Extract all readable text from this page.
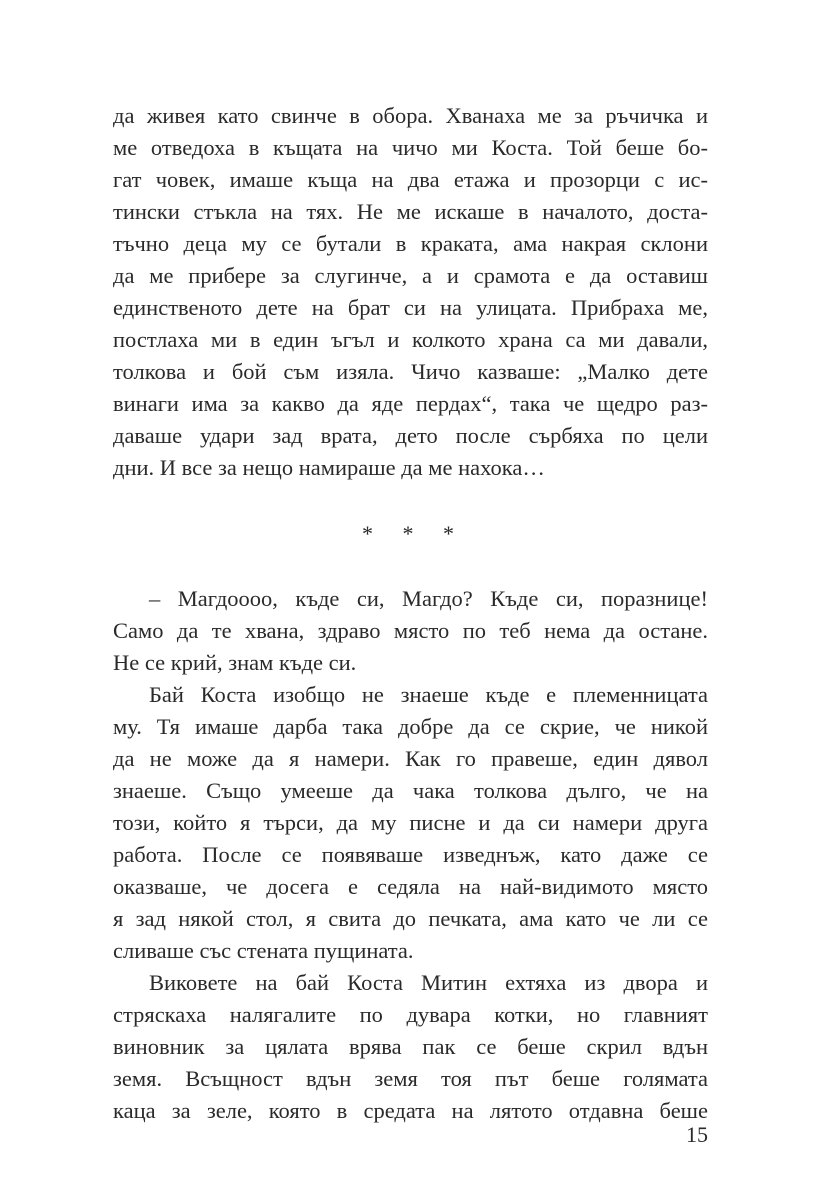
да живея като свинче в обора. Хванаха ме за ръчичка и
ме отведоха в къщата на чичо ми Коста. Той беше бо-
гат човек, имаше къща на два етажа и прозорци с ис-
тински стъкла на тях. Не ме искаше в началото, доста-
тъчно деца му се бутали в краката, ама накрая склони
да ме прибере за слугинче, а и срамота е да оставиш
единственото дете на брат си на улицата. Прибраха ме,
постлаха ми в един ъгъл и колкото храна са ми давали,
толкова и бой съм изяла. Чичо казваше: „Малко дете
винаги има за какво да яде пердах“, така че щедро раз-
даваше удари зад врата, дето после сърбяха по цели
дни. И все за нещо намираше да ме нахока…
* * *
– Магдоооо, къде си, Магдо? Къде си, поразнице!
Само да те хвана, здраво място по теб нема да остане.
Не се крий, знам къде си.
Бай Коста изобщо не знаеше къде е племенницата
му. Тя имаше дарба така добре да се скрие, че никой
да не може да я намери. Как го правеше, един дявол
знаеше. Също умееше да чака толкова дълго, че на
този, който я търси, да му писне и да си намери друга
работа. После се появяваше изведнъж, като даже се
оказваше, че досега е седяла на най-видимото място
я зад някой стол, я свита до печката, ама като че ли се
сливаше със стената пущината.
Виковете на бай Коста Митин ехтяха из двора и
стряскаха налягалите по дувара котки, но главният
виновник за цялата врява пак се беше скрил вдън
земя. Всъщност вдън земя тоя път беше голямата
каца за зеле, която в средата на лятото отдавна беше
15
